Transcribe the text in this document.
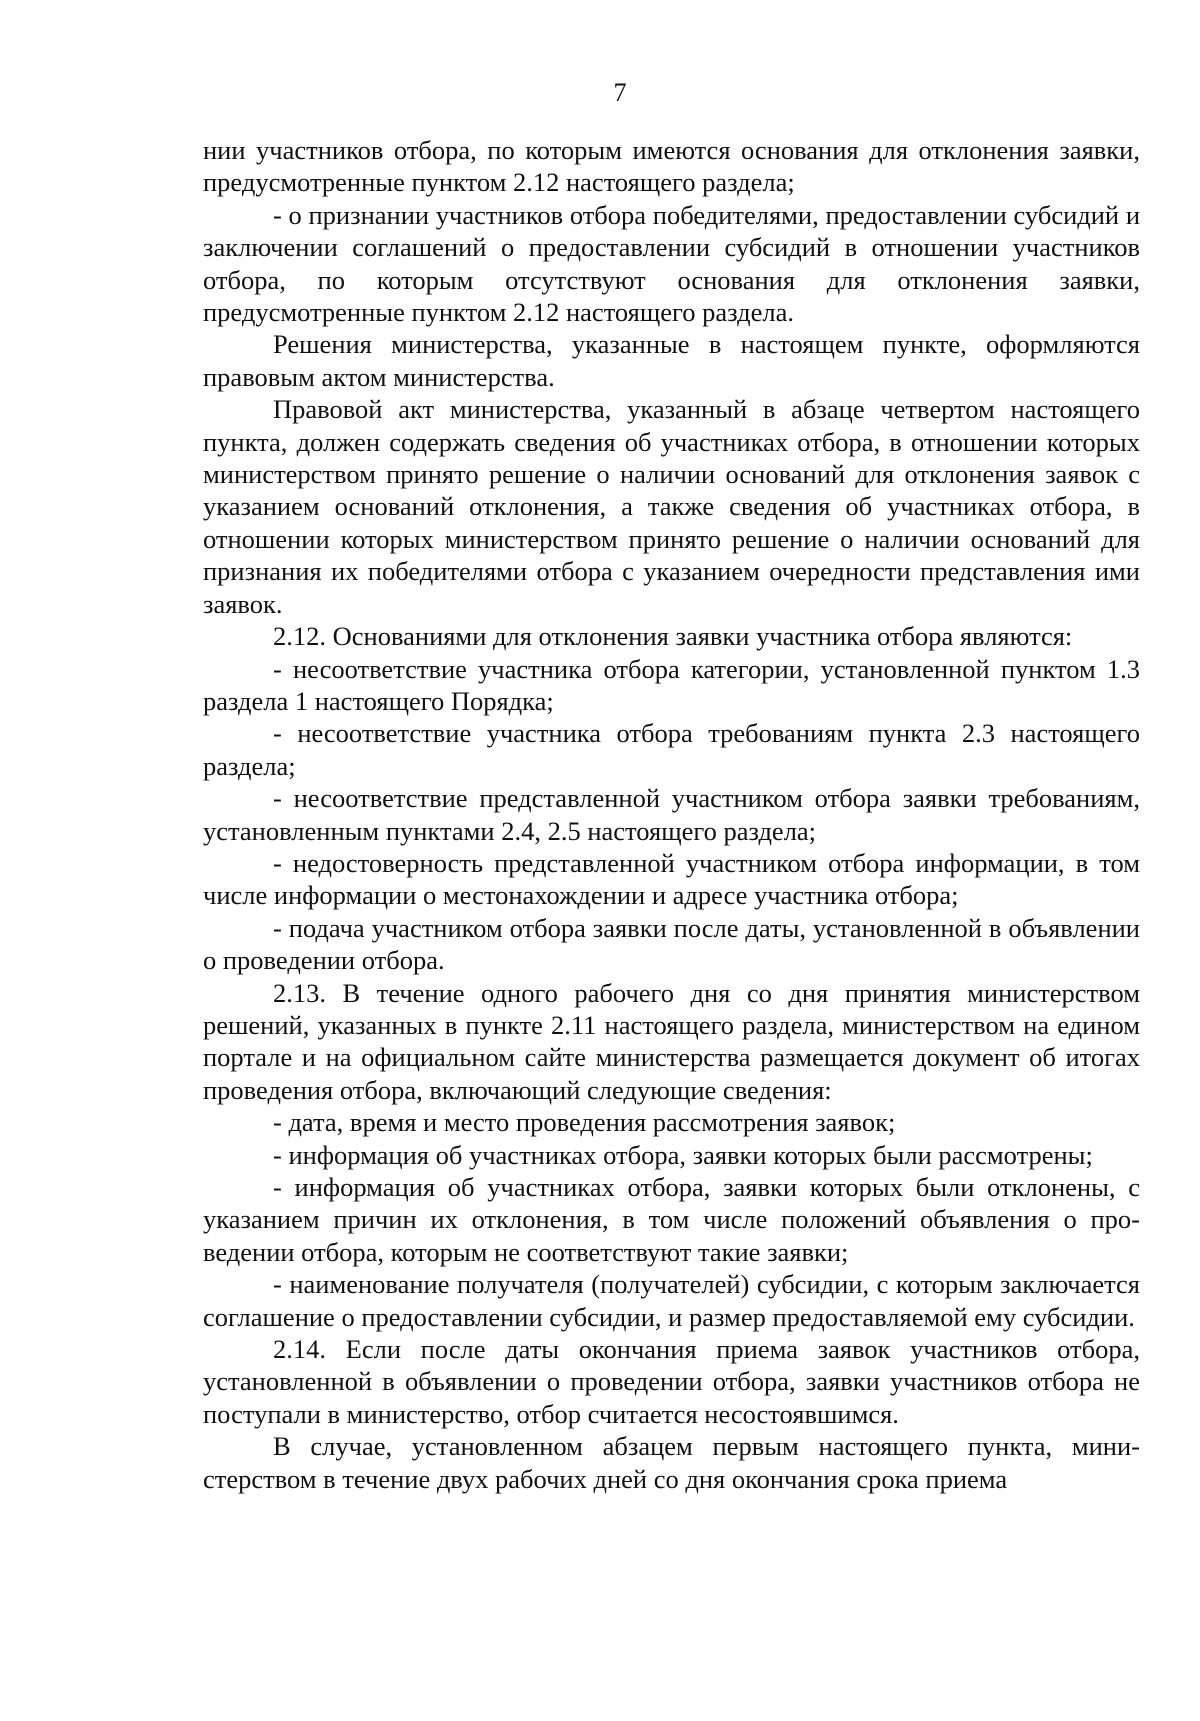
7

нии участников отбора, по которым имеются основания для отклонения заявки, предусмотренные пунктом 2.12 настоящего раздела;

- о признании участников отбора победителями, предоставлении субсидий и заключении соглашений о предоставлении субсидий в отношении участников отбора, по которым отсутствуют основания для отклонения заявки, предусмотренные пунктом 2.12 настоящего раздела.

Решения министерства, указанные в настоящем пункте, оформляются правовым актом министерства.

Правовой акт министерства, указанный в абзаце четвертом настоящего пункта, должен содержать сведения об участниках отбора, в отношении которых министерством принято решение о наличии оснований для отклонения заявок с указанием оснований отклонения, а также сведения об участниках отбора, в отношении которых министерством принято решение о наличии оснований для признания их победителями отбора с указанием очередности представления ими заявок.

2.12. Основаниями для отклонения заявки участника отбора являются:

- несоответствие участника отбора категории, установленной пунктом 1.3 раздела 1 настоящего Порядка;

- несоответствие участника отбора требованиям пункта 2.3 настоящего раздела;

- несоответствие представленной участником отбора заявки требованиям, установленным пунктами 2.4, 2.5 настоящего раздела;

- недостоверность представленной участником отбора информации, в том числе информации о местонахождении и адресе участника отбора;

- подача участником отбора заявки после даты, установленной в объявлении о проведении отбора.

2.13. В течение одного рабочего дня со дня принятия министерством решений, указанных в пункте 2.11 настоящего раздела, министерством на едином портале и на официальном сайте министерства размещается документ об итогах проведения отбора, включающий следующие сведения:

- дата, время и место проведения рассмотрения заявок;

- информация об участниках отбора, заявки которых были рассмотрены;

- информация об участниках отбора, заявки которых были отклонены, с указанием причин их отклонения, в том числе положений объявления о проведении отбора, которым не соответствуют такие заявки;

- наименование получателя (получателей) субсидии, с которым заключается соглашение о предоставлении субсидии, и размер предоставляемой ему субсидии.

2.14. Если после даты окончания приема заявок участников отбора, установленной в объявлении о проведении отбора, заявки участников отбора не поступали в министерство, отбор считается несостоявшимся.

В случае, установленном абзацем первым настоящего пункта, министерством в течение двух рабочих дней со дня окончания срока приема
